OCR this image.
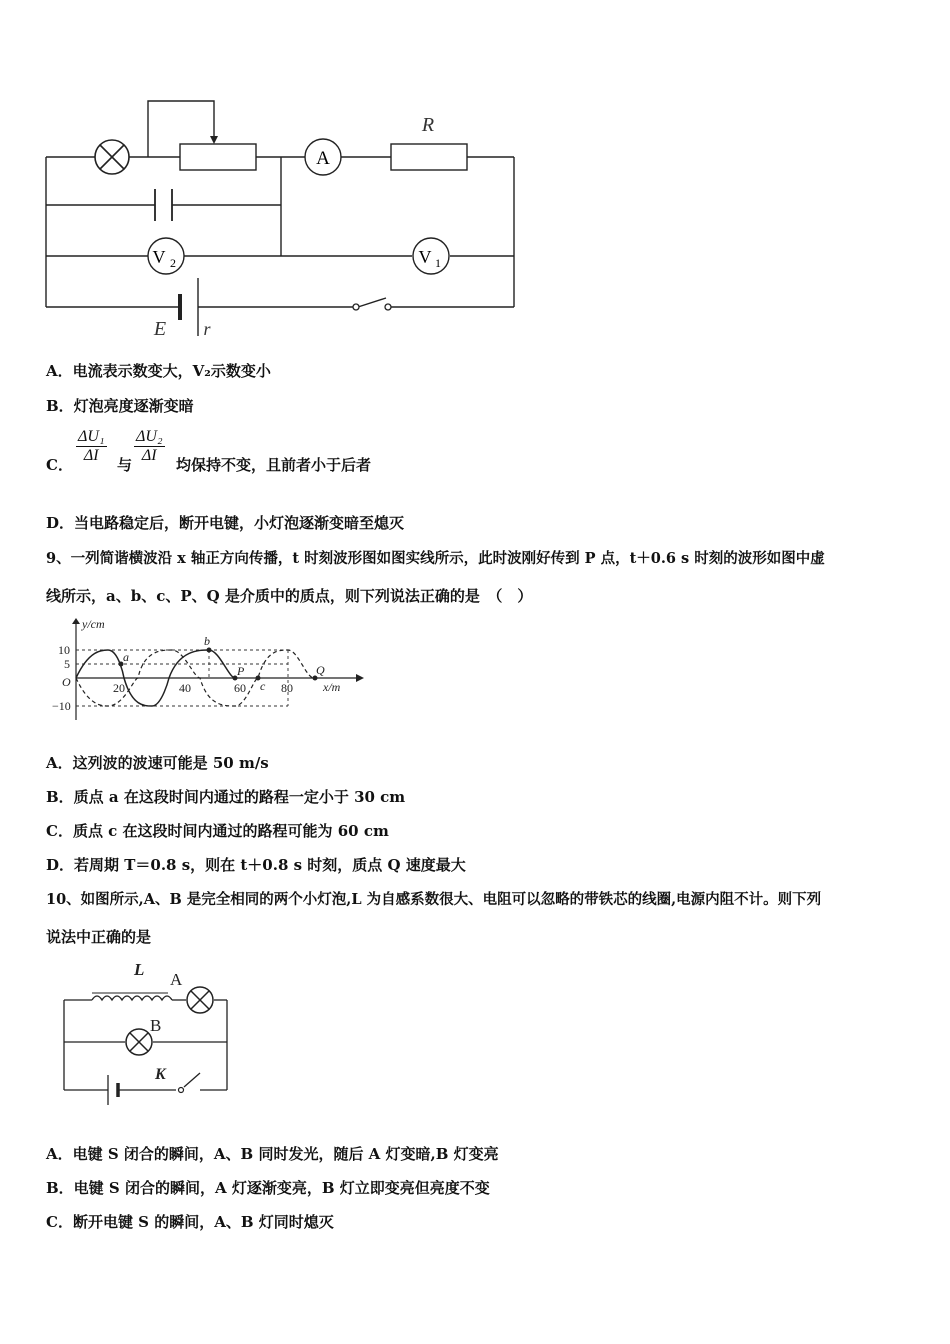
A
V 2	V 1
R
E r
A．电流表示数变大，V₂示数变小
B．灯泡亮度逐渐变暗
C． $\frac{\text{ΔU₁}}{\Delta I}$ 与 $\frac{\text{ΔU₂}}{\Delta I}$ 均保持不变，且前者小于后者
D．当电路稳定后，断开电键，小灯泡逐渐变暗至熄灭
9、一列简谐横波沿 x 轴正方向传播，t 时刻波形图如图实线所示，此时波刚好传到 P 点，t＋0.6 s 时刻的波形如图中虚
线所示，a、b、c、P、Q 是介质中的质点，则下列说法正确的是　（　）
y/cm
x/m
O
10
5
−10
20	40	60	80
a
b
P
c
Q
A．这列波的波速可能是 50 m/s
B．质点 a 在这段时间内通过的路程一定小于 30 cm
C．质点 c 在这段时间内通过的路程可能为 60 cm
D．若周期 T＝0.8 s，则在 t＋0.8 s 时刻，质点 Q 速度最大
10、如图所示,A、B 是完全相同的两个小灯泡,L 为自感系数很大、电阻可以忽略的带铁芯的线圈,电源内阻不计。则下列
说法中正确的是
L
A
B
K
A．电键 S 闭合的瞬间，A、B 同时发光，随后 A 灯变暗,B 灯变亮
B．电键 S 闭合的瞬间，A 灯逐渐变亮，B 灯立即变亮但亮度不变
C．断开电键 S 的瞬间，A、B 灯同时熄灭
